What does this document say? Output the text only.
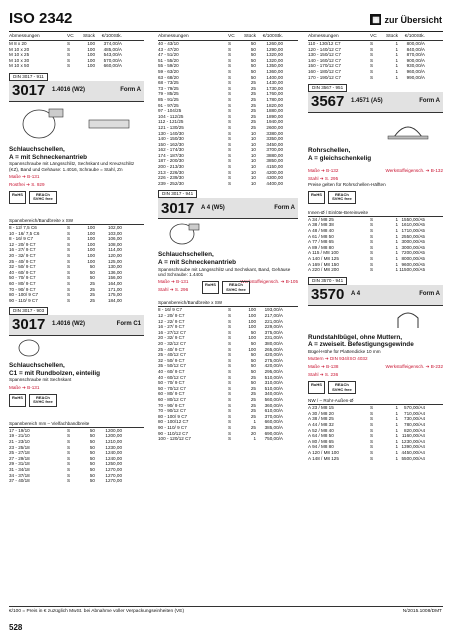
ISO 2342	▦ zur Übersicht
Abmessungen	VC	Stück	€/100Stk.
M 8 x 20	S	100	374,00/A
M 10 x 20	S	100	485,00/A
M 10 x 25	S	100	543,00/A
M 10 x 30	S	100	570,00/A
M 10 x 50	S	100	660,00/A
DIN 3017 - 911
3017	1.4016 (W2)	Form A
Schlauchschellen,
A = mit Schneckenantrieb
Spannschraube mit Längsschlitz, Sechskant und Kreuzschlitz (KZ), Band und Gehäuse: 1.4016, Schraube = Stahl, Zn
Maße ➔ B-131
Rostfrei ➔ S. 929
RoHS	REACh SVHC free
Spannbereich/Bandbreite x SW
8 - 12/ 7,5 C6	S	100	102,00
10 - 16/ 7,5 C6	S	100	103,00
8 - 16/ 9 C7	S	100	106,00
12 - 20/ 9 C7	S	100	108,00
16 - 27/ 9 C7	S	100	114,00
20 - 32/ 9 C7	S	100	120,00
25 - 40/ 9 C7	S	100	125,00
32 - 50/ 9 C7	S	50	130,00
40 - 60/ 9 C7	S	50	136,00
50 - 70/ 9 C7	S	50	156,00
60 - 80/ 9 C7	S	25	164,00
70 - 90/ 9 C7	S	25	171,00
80 - 100/ 9 C7	S	25	175,00
90 - 110/ 9 C7	S	25	184,00
DIN 3017 - 903
3017	1.4016 (W2)	Form C1
Schlauchschellen,
C1 = mit Rundbolzen, einteilig
Spannschraube mit Sechskant
Maße ➔ B-131
RoHS	REACh SVHC free
Spannbereich mm – Vielfachbandbreite
17 - 19/10	S	50	1200,00
19 - 21/10	S	50	1200,00
21 - 23/10	S	50	1210,00
23 - 25/18	S	50	1230,00
25 - 27/18	S	50	1240,00
27 - 29/18	S	50	1240,00
29 - 31/18	S	50	1250,00
31 - 34/18	S	50	1270,00
34 - 37/18	S	50	1270,00
37 - 40/18	S	50	1270,00
Abmessungen	VC	Stück	€/100Stk.
40 - 43/10	S	50	1260,00
43 - 47/20	S	50	1290,00
47 - 51/20	S	50	1320,00
51 - 55/20	S	50	1320,00
55 - 59/20	S	50	1350,00
59 - 63/20	S	50	1360,00
63 - 68/20	S	50	1400,00
68 - 73/25	S	25	1430,00
73 - 79/25	S	25	1730,00
79 - 85/25	S	25	1760,00
85 - 91/25	S	25	1780,00
91 - 97/25	S	25	1820,00
97 - 104/25	S	25	1880,00
104 - 112/25	S	25	1890,00
112 - 121/25	S	25	1940,00
121 - 130/25	S	25	2600,00
130 - 140/30	S	10	3380,00
140 - 150/30	S	10	3350,00
150 - 162/30	S	10	3450,00
162 - 174/30	S	10	3700,00
174 - 187/30	S	10	3880,00
187 - 200/30	S	10	3850,00
200 - 213/30	S	10	4150,00
213 - 226/30	S	10	4200,00
226 - 239/30	S	10	4300,00
239 - 252/30	S	10	4400,00
DIN 3017 - 941
3017	A 4 (W5)	Form A
Schlauchschellen,
A = mit Schneckenantrieb
Spannschraube mit Längsschlitz und Sechskant, Band, Gehäuse und Schraube: 1.4401
Maße ➔ B-131	Werkstoffeigensch. ➔ B-105
Stahl ➔ S. 296
RoHS	REACh SVHC free
Spannbereich/Bandbreite x SW
8 - 16/ 9 C7	S	100	193,00/A
12 - 20/ 9 C7	S	100	217,00/A
12 - 22/ 9 C7	S	100	221,00/A
16 - 27/ 9 C7	S	100	229,00/A
16 - 27/12 C7	S	50	375,00/A
20 - 32/ 9 C7	S	100	231,00/A
20 - 32/12 C7	S	50	380,00/A
25 - 40/ 9 C7	S	100	265,00/A
25 - 40/12 C7	S	50	420,00/A
32 - 50/ 9 C7	S	50	275,00/A
35 - 50/12 C7	S	50	420,00/A
40 - 60/ 9 C7	S	50	295,00/A
40 - 60/12 C7	S	25	510,00/A
50 - 70/ 9 C7	S	50	310,00/A
50 - 70/12 C7	S	25	510,00/A
60 - 80/ 9 C7	S	25	340,00/A
60 - 80/12 C7	S	25	560,00/A
70 - 90/ 9 C7	S	25	360,00/A
70 - 90/12 C7	S	25	610,00/A
80 - 100/ 9 C7	S	25	370,00/A
80 - 100/12 C7	S	1	660,00/A
90 - 110/ 9 C7	S	25	385,00/A
90 - 110/12 C7	S	20	690,00/A
100 - 120/12 C7	S	1	750,00/A
Abmessungen	VC	Stück	€/100Stk.
110 - 130/12 C7	S	1	800,00/A
120 - 140/12 C7	S	1	840,00/A
130 - 150/12 C7	S	1	870,00/A
140 - 160/12 C7	S	1	900,00/A
150 - 170/12 C7	S	1	930,00/A
160 - 180/12 C7	S	1	960,00/A
170 - 190/12 C7	S	1	990,00/A
DIN 3567 - 951
3567	1.4571 (A5)	Form A
Rohrschellen,
A = gleichschenkelig
Maße ➔ B-132	Werkstoffeigensch. ➔ B-132
Stahl ➔ S. 295
Preise gelten für Rohrschellen-Hälften
RoHS	REACh SVHC free
Innen-Ø / Einlöte-Bereinweite
A 34 / M8 25	S	1 1550,00/A5
A 38 / M8 38	S	1 1610,00/A5
A 48 / M8 40	S	1 1710,00/A5
A 61 / M8 50	S	1 2550,00/A5
A 77 / M8 65	S	1 3000,00/A5
A 89 / M8 80	S	1 3000,00/A5
A 115 / M8 100	S	1 7200,00/A5
A 140 / M8 125	S	1 8000,00/A5
A 169 / M8 150	S	1 9600,00/A5
A 220 / M8 200	S	1 11500,00/A5
DIN 3570 - 941
3570	A 4	Form A
Rundstahlbügel, ohne Muttern,
A = zweiseit. Befestigungsgewinde
Bügel-Höhe für Plattendicke 10 mm
Muttern ➔ DIN 934/ISO 4032
Maße ➔ B-138	Werkstoffeigensch. ➔ B-232
Stahl ➔ S. 236
RoHS	REACh SVHC free
NW / – Rohr-Außen-Ø
A 23 / M8 15	S	1	570,00/A4
A 30 / M8 20	S	1	710,00/A4
A 38 / M8 25	S	1	730,00/A4
A 44 / M8 32	S	1	780,00/A4
A 52 / M8 40	S	1	820,00/A4
A 64 / M8 50	S	1 1160,00/A4
A 80 / M8 65	S	1 1230,00/A4
A 94 / M8 80	S	1 1390,00/A4
A 120 / M8 100	S	1 4450,00/A4
A 148 / M8 125	S	1 5500,00/A4
€/100 = Preis in € zuzüglich MwSt. bei Abnahme voller Verpackungseinheiten (VE)	N/2015.1008/DMT
528
